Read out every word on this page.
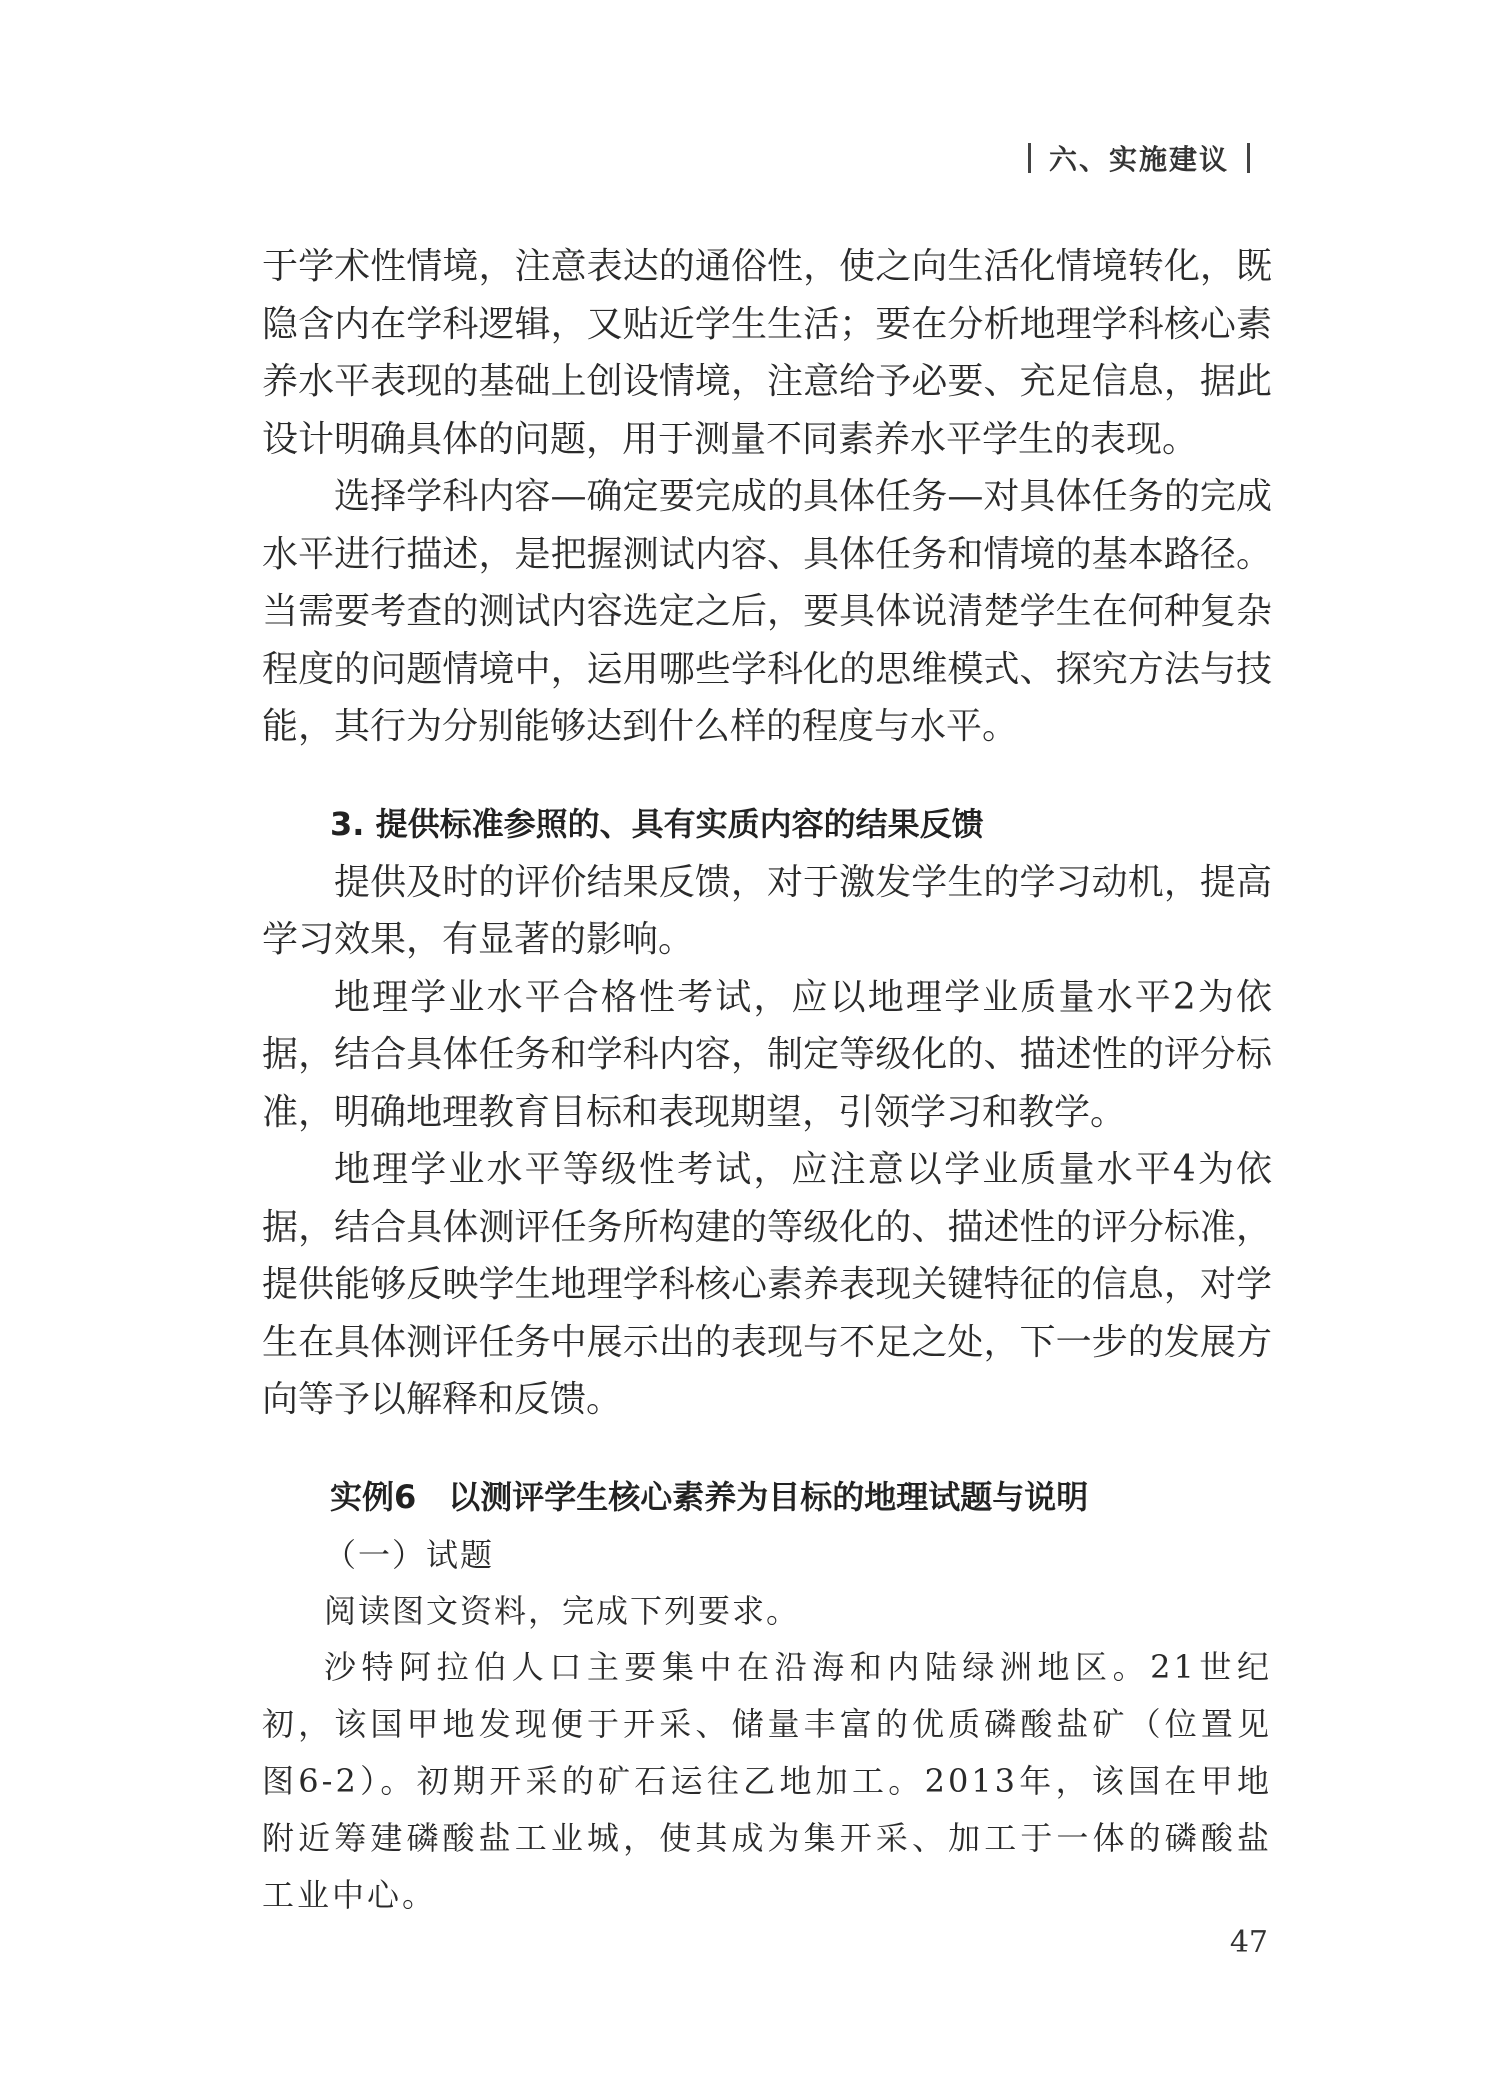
六、实施建议

于学术性情境，注意表达的通俗性，使之向生活化情境转化，既隐含内在学科逻辑，又贴近学生生活；要在分析地理学科核心素养水平表现的基础上创设情境，注意给予必要、充足信息，据此设计明确具体的问题，用于测量不同素养水平学生的表现。

选择学科内容—确定要完成的具体任务—对具体任务的完成水平进行描述，是把握测试内容、具体任务和情境的基本路径。当需要考查的测试内容选定之后，要具体说清楚学生在何种复杂程度的问题情境中，运用哪些学科化的思维模式、探究方法与技能，其行为分别能够达到什么样的程度与水平。

3. 提供标准参照的、具有实质内容的结果反馈

提供及时的评价结果反馈，对于激发学生的学习动机，提高学习效果，有显著的影响。

地理学业水平合格性考试，应以地理学业质量水平2为依据，结合具体任务和学科内容，制定等级化的、描述性的评分标准，明确地理教育目标和表现期望，引领学习和教学。

地理学业水平等级性考试，应注意以学业质量水平4为依据，结合具体测评任务所构建的等级化的、描述性的评分标准，提供能够反映学生地理学科核心素养表现关键特征的信息，对学生在具体测评任务中展示出的表现与不足之处，下一步的发展方向等予以解释和反馈。

实例6　以测评学生核心素养为目标的地理试题与说明

（一）试题

阅读图文资料，完成下列要求。

沙特阿拉伯人口主要集中在沿海和内陆绿洲地区。21世纪初，该国甲地发现便于开采、储量丰富的优质磷酸盐矿（位置见图6-2）。初期开采的矿石运往乙地加工。2013年，该国在甲地附近筹建磷酸盐工业城，使其成为集开采、加工于一体的磷酸盐工业中心。

47
